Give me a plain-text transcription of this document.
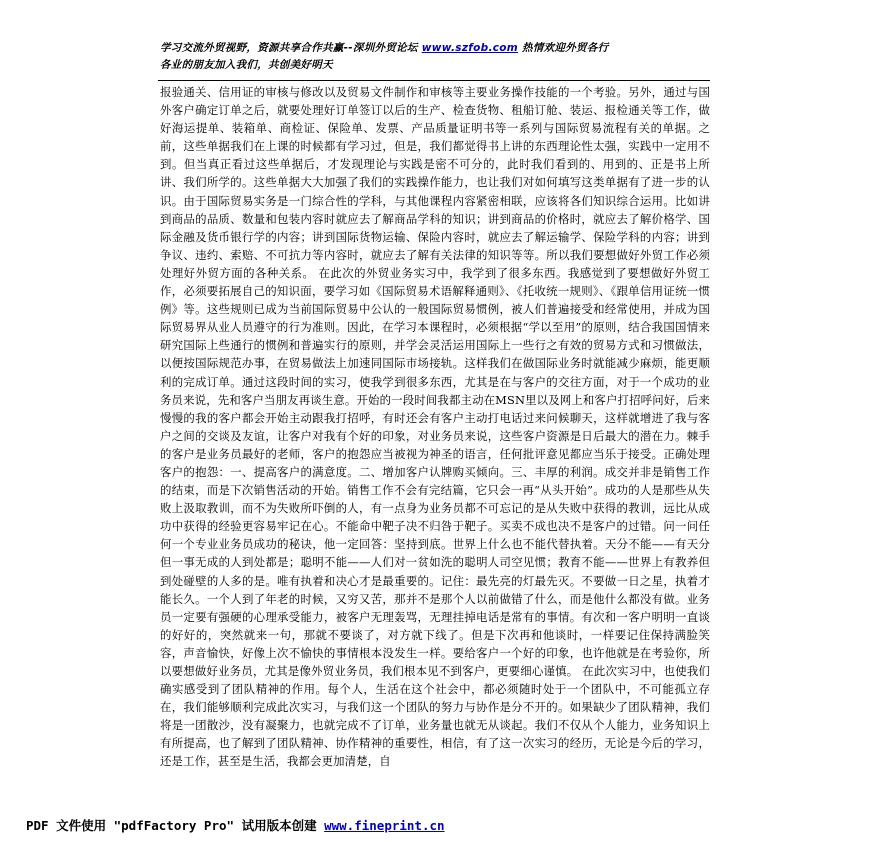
学习交流外贸视野，资源共享合作共赢--深圳外贸论坛 www.szfob.com 热情欢迎外贸各行
各业的朋友加入我们，共创美好明天
报验通关、信用证的审核与修改以及贸易文件制作和审核等主要业务操作技能的一个考验。另外，通过与国外客户确定订单之后，就要处理好订单签订以后的生产、检查货物、租船订舱、装运、报检通关等工作，做好海运提单、装箱单、商检证、保险单、发票、产品质量证明书等一系列与国际贸易流程有关的单据。之前，这些单据我们在上课的时候都有学习过，但是，我们都觉得书上讲的东西理论性太强，实践中一定用不到。但当真正看过这些单据后，才发现理论与实践是密不可分的，此时我们看到的、用到的、正是书上所讲、我们所学的。这些单据大大加强了我们的实践操作能力，也让我们对如何填写这类单据有了进一步的认识。由于国际贸易实务是一门综合性的学科，与其他课程内容紧密相联，应该将各们知识综合运用。比如讲到商品的品质、数量和包装内容时就应去了解商品学科的知识；讲到商品的价格时，就应去了解价格学、国际金融及货币银行学的内容；讲到国际货物运输、保险内容时，就应去了解运输学、保险学科的内容；讲到争议、违约、索赔、不可抗力等内容时，就应去了解有关法律的知识等等。所以我们要想做好外贸工作必须处理好外贸方面的各种关系。 在此次的外贸业务实习中，我学到了很多东西。我感觉到了要想做好外贸工作，必须要拓展自己的知识面，要学习如《国际贸易术语解释通则》、《托收统一规则》、《跟单信用证统一惯例》等。这些规则已成为当前国际贸易中公认的一般国际贸易惯例，被人们普遍接受和经常使用，并成为国际贸易界从业人员遵守的行为准则。因此，在学习本课程时，必须根据“学以至用”的原则，结合我国国情来研究国际上些通行的惯例和普遍实行的原则，并学会灵活运用国际上一些行之有效的贸易方式和习惯做法，以便按国际规范办事，在贸易做法上加速同国际市场接轨。这样我们在做国际业务时就能减少麻烦，能更顺利的完成订单。通过这段时间的实习，使我学到很多东西，尤其是在与客户的交往方面，对于一个成功的业务员来说，先和客户当朋友再谈生意。开始的一段时间我都主动在MSN里以及网上和客户打招呼问好，后来慢慢的我的客户都会开始主动跟我打招呼，有时还会有客户主动打电话过来问候聊天，这样就增进了我与客户之间的交谈及友谊，让客户对我有个好的印象，对业务员来说，这些客户资源是日后最大的潜在力。棘手的客户是业务员最好的老师，客户的抱怨应当被视为神圣的语言，任何批评意见都应当乐于接受。正确处理客户的抱怨：一、提高客户的满意度。二、增加客户认牌购买倾向。三、丰厚的利润。成交并非是销售工作的结束，而是下次销售活动的开始。销售工作不会有完结篇，它只会一再“从头开始”。成功的人是那些从失败上汲取教训，而不为失败所吓倒的人，有一点身为业务员都不可忘记的是从失败中获得的教训，远比从成功中获得的经验更容易牢记在心。不能命中靶子决不归咎于靶子。买卖不成也决不是客户的过错。问一问任何一个专业业务员成功的秘诀，他一定回答：坚持到底。世界上什么也不能代替执着。天分不能——有天分但一事无成的人到处都是；聪明不能——人们对一贫如洗的聪明人司空见惯；教育不能——世界上有教养但到处碰壁的人多的是。唯有执着和决心才是最重要的。记住：最先亮的灯最先灭。不要做一日之星，执着才能长久。一个人到了年老的时候，又穷又苦，那并不是那个人以前做错了什么，而是他什么都没有做。业务员一定要有强硬的心理承受能力，被客户无理轰骂，无理挂掉电话是常有的事情。有次和一客户明明一直谈的好好的，突然就来一句，那就不要谈了，对方就下线了。但是下次再和他谈时，一样要记住保持满脸笑容，声音愉快，好像上次不愉快的事情根本没发生一样。要给客户一个好的印象，也许他就是在考验你，所以要想做好业务员，尤其是像外贸业务员，我们根本见不到客户，更要细心谨慎。 在此次实习中，也使我们确实感受到了团队精神的作用。每个人，生活在这个社会中，都必须随时处于一个团队中，不可能孤立存在，我们能够顺利完成此次实习，与我们这一个团队的努力与协作是分不开的。如果缺少了团队精神，我们将是一团散沙，没有凝聚力，也就完成不了订单，业务量也就无从谈起。我们不仅从个人能力，业务知识上有所提高，也了解到了团队精神、协作精神的重要性，相信，有了这一次实习的经历，无论是今后的学习，还是工作，甚至是生活，我都会更加清楚，自
PDF 文件使用 "pdfFactory Pro" 试用版本创建 www.fineprint.cn
